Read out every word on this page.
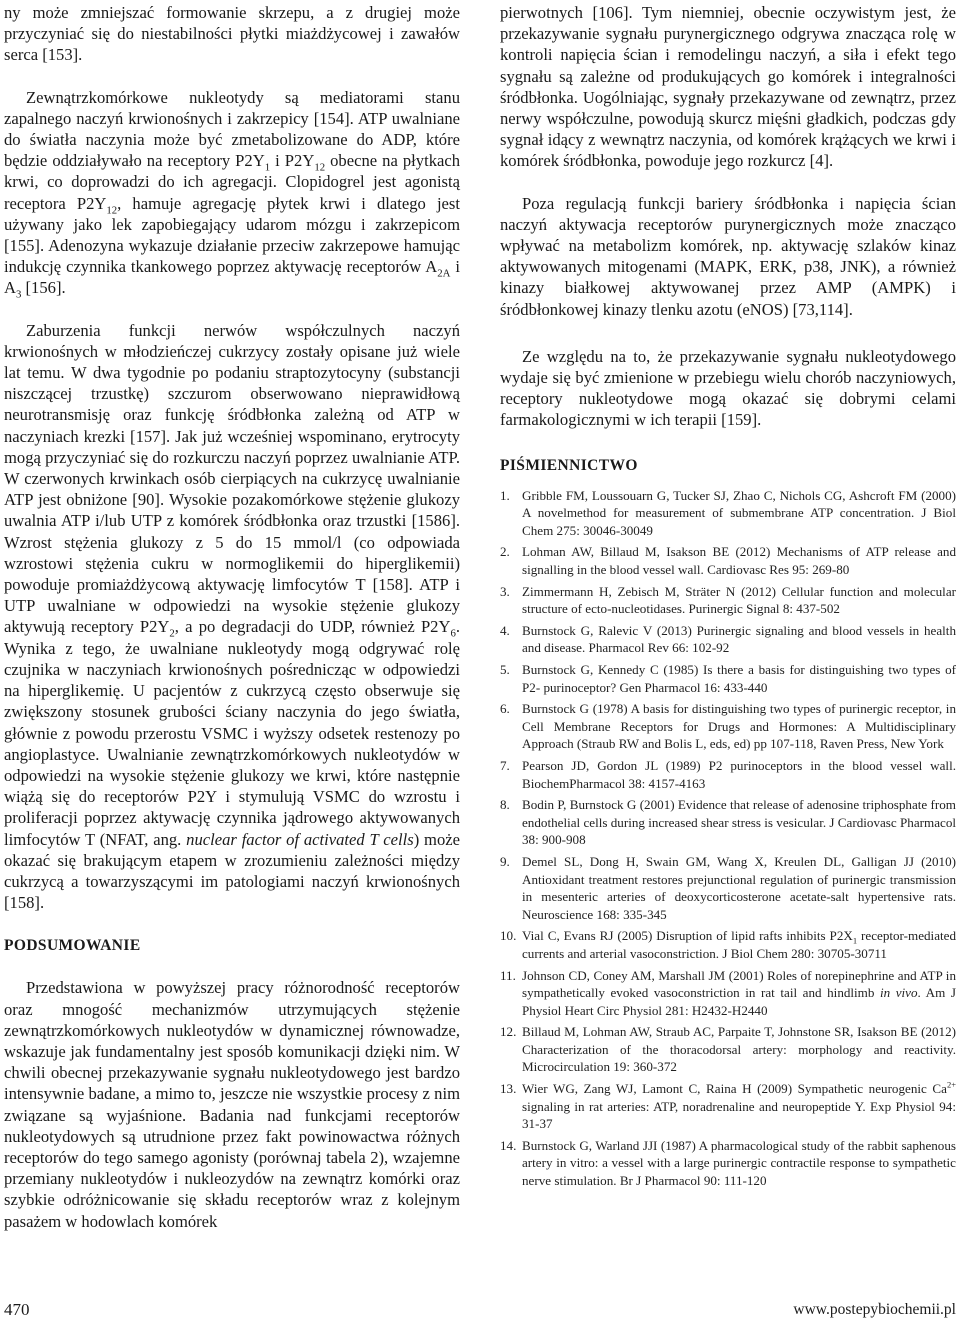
ny może zmniejszać formowanie skrzepu, a z drugiej może przyczyniać się do niestabilności płytki miażdżycowej i zawałów serca [153].

Zewnątrzkomórkowe nukleotydy są mediatorami stanu zapalnego naczyń krwionośnych i zakrzepicy [154]. ATP uwalniane do światła naczynia może być zmetabolizowane do ADP, które będzie oddziaływało na receptory $P2Y_1$ i $P2Y_{12}$ obecne na płytkach krwi, co doprowadzi do ich agregacji. Clopidogrel jest agonistą receptora $P2Y_{12}$, hamuje agregację płytek krwi i dlatego jest używany jako lek zapobiegający udarom mózgu i zakrzepicom [155]. Adenozyna wykazuje działanie przeciw zakrzepowe hamując indukcję czynnika tkankowego poprzez aktywację receptorów $A_{2A}$ i $A_3$ [156].

Zaburzenia funkcji nerwów współczulnych naczyń krwionośnych w młodzieńczej cukrzycy zostały opisane już wiele lat temu. W dwa tygodnie po podaniu straptozytocyny (substancji niszczącej trzustkę) szczurom obserwowano nieprawidłową neurotransmisję oraz funkcję śródbłonka zależną od ATP w naczyniach krezki [157]. Jak już wcześniej wspominano, erytrocyty mogą przyczyniać się do rozkurczu naczyń poprzez uwalnianie ATP. W czerwonych krwinkach osób cierpiących na cukrzycę uwalnianie ATP jest obniżone [90]. Wysokie pozakomórkowe stężenie glukozy uwalnia ATP i/lub UTP z komórek śródbłonka oraz trzustki [1586]. Wzrost stężenia glukozy z 5 do 15 mmol/l (co odpowiada wzrostowi stężenia cukru w normoglikemii do hiperglikemii) powoduje promiażdżycową aktywację limfocytów T [158]. ATP i UTP uwalniane w odpowiedzi na wysokie stężenie glukozy aktywują receptory $P2Y_2$, a po degradacji do UDP, również $P2Y_6$. Wynika z tego, że uwalniane nukleotydy mogą odgrywać rolę czujnika w naczyniach krwionośnych pośrednicząc w odpowiedzi na hiperglikemię. U pacjentów z cukrzycą często obserwuje się zwiększony stosunek grubości ściany naczynia do jego światła, głównie z powodu przerostu VSMC i wyższy odsetek restenozy po angioplastyce. Uwalnianie zewnątrzkomórkowych nukleotydów w odpowiedzi na wysokie stężenie glukozy we krwi, które następnie wiążą się do receptorów P2Y i stymulują VSMC do wzrostu i proliferacji poprzez aktywację czynnika jądrowego aktywowanych limfocytów T (NFAT, ang. nuclear factor of activated T cells) może okazać się brakującym etapem w zrozumieniu zależności między cukrzycą a towarzyszącymi im patologiami naczyń krwionośnych [158].

PODSUMOWANIE

Przedstawiona w powyższej pracy różnorodność receptorów oraz mnogość mechanizmów utrzymujących stężenie zewnątrzkomórkowych nukleotydów w dynamicznej równowadze, wskazuje jak fundamentalny jest sposób komunikacji dzięki nim. W chwili obecnej przekazywanie sygnału nukleotydowego jest bardzo intensywnie badane, a mimo to, jeszcze nie wszystkie procesy z nim związane są wyjaśnione. Badania nad funkcjami receptorów nukleotydowych są utrudnione przez fakt powinowactwa różnych receptorów do tego samego agonisty (porównaj tabela 2), wzajemne przemiany nukleotydów i nukleozydów na zewnątrz komórki oraz szybkie odróżnicowanie się składu receptorów wraz z kolejnym pasażem w hodowlach komórek

pierwotnych [106]. Tym niemniej, obecnie oczywistym jest, że przekazywanie sygnału purynergicznego odgrywa znacząca rolę w kontroli napięcia ścian i remodelingu naczyń, a siła i efekt tego sygnału są zależne od produkujących go komórek i integralności śródbłonka. Uogólniając, sygnały przekazywane od zewnątrz, przez nerwy współczulne, powodują skurcz mięśni gładkich, podczas gdy sygnał idący z wewnątrz naczynia, od komórek krążących we krwi i komórek śródbłonka, powoduje jego rozkurcz [4].

Poza regulacją funkcji bariery śródbłonka i napięcia ścian naczyń aktywacja receptorów purynergicznych może znacząco wpływać na metabolizm komórek, np. aktywację szlaków kinaz aktywowanych mitogenami (MAPK, ERK, p38, JNK), a również kinazy białkowej aktywowanej przez AMP (AMPK) i śródbłonkowej kinazy tlenku azotu (eNOS) [73,114].

Ze względu na to, że przekazywanie sygnału nukleotydowego wydaje się być zmienione w przebiegu wielu chorób naczyniowych, receptory nukleotydowe mogą okazać się dobrymi celami farmakologicznymi w ich terapii [159].

PIŚMIENNICTWO
1. Gribble FM, Loussouarn G, Tucker SJ, Zhao C, Nichols CG, Ashcroft FM (2000) A novelmethod for measurement of submembrane ATP concentration. J Biol Chem 275: 30046-30049
2. Lohman AW, Billaud M, Isakson BE (2012) Mechanisms of ATP release and signalling in the blood vessel wall. Cardiovasc Res 95: 269-80
3. Zimmermann H, Zebisch M, Sträter N (2012) Cellular function and molecular structure of ecto-nucleotidases. Purinergic Signal 8: 437-502
4. Burnstock G, Ralevic V (2013) Purinergic signaling and blood vessels in health and disease. Pharmacol Rev 66: 102-92
5. Burnstock G, Kennedy C (1985) Is there a basis for distinguishing two types of P2- purinoceptor? Gen Pharmacol 16: 433-440
6. Burnstock G (1978) A basis for distinguishing two types of purinergic receptor, in Cell Membrane Receptors for Drugs and Hormones: A Multidisciplinary Approach (Straub RW and Bolis L, eds, ed) pp 107-118, Raven Press, New York
7. Pearson JD, Gordon JL (1989) P2 purinoceptors in the blood vessel wall. BiochemPharmacol 38: 4157-4163
8. Bodin P, Burnstock G (2001) Evidence that release of adenosine triphosphate from endothelial cells during increased shear stress is vesicular. J Cardiovasc Pharmacol 38: 900-908
9. Demel SL, Dong H, Swain GM, Wang X, Kreulen DL, Galligan JJ (2010) Antioxidant treatment restores prejunctional regulation of purinergic transmission in mesenteric arteries of deoxycorticosterone acetate-salt hypertensive rats. Neuroscience 168: 335-345
10. Vial C, Evans RJ (2005) Disruption of lipid rafts inhibits $P2X_1$ receptor-mediated currents and arterial vasoconstriction. J Biol Chem 280: 30705-30711
11. Johnson CD, Coney AM, Marshall JM (2001) Roles of norepinephrine and ATP in sympathetically evoked vasoconstriction in rat tail and hindlimb in vivo. Am J Physiol Heart Circ Physiol 281: H2432-H2440
12. Billaud M, Lohman AW, Straub AC, Parpaite T, Johnstone SR, Isakson BE (2012) Characterization of the thoracodorsal artery: morphology and reactivity. Microcirculation 19: 360-372
13. Wier WG, Zang WJ, Lamont C, Raina H (2009) Sympathetic neurogenic $Ca^{2+}$ signaling in rat arteries: ATP, noradrenaline and neuropeptide Y. Exp Physiol 94: 31-37
14. Burnstock G, Warland JJI (1987) A pharmacological study of the rabbit saphenous artery in vitro: a vessel with a large purinergic contractile response to sympathetic nerve stimulation. Br J Pharmacol 90: 111-120
470	www.postepybiochemii.pl
